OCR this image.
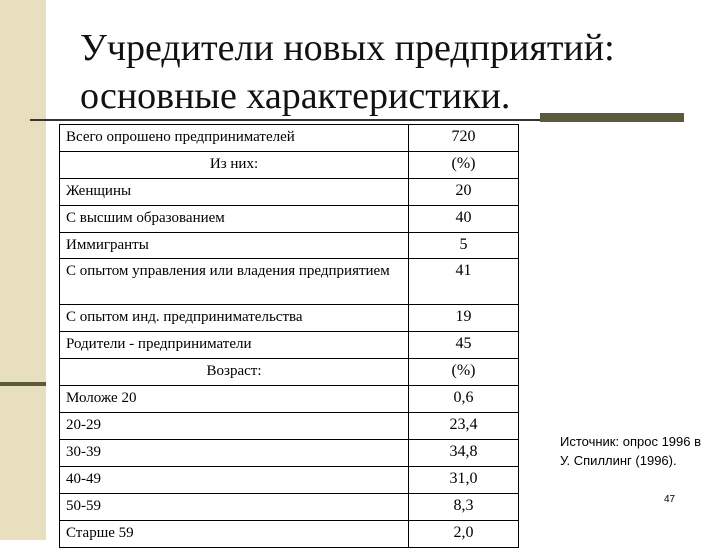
Учредители новых предприятий:
основные характеристики.
Всего опрошено предпринимателей	720
Из них:	(%)
Женщины	20
С высшим образованием	40
Иммигранты	5
С опытом управления или владения предприятием	41
С опытом инд. предпринимательства	19
Родители - предприниматели	45
Возраст:	(%)
Моложе 20	0,6
20-29	23,4
30-39	34,8
40-49	31,0
50-59	8,3
Старше 59	2,0
Источник: опрос 1996 в
У. Спиллинг (1996).
47
